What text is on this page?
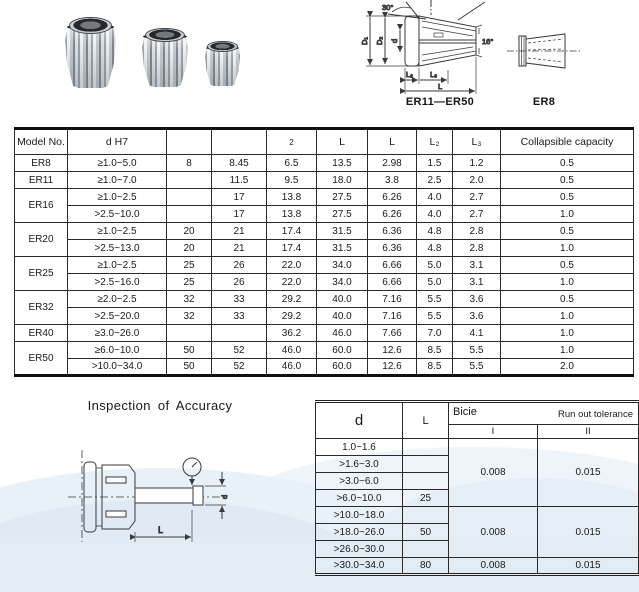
D₁ D₂ d	16°
30°
L₂ L₃
L
ER11—ER50	ER8
Model No.	d H7			2	L	L	L₂	L₃	Collapsible capacity
ER8	≥1.0~5.0	8	8.45	6.5	13.5	2.98	1.5	1.2	0.5
ER11	≥1.0~7.0		11.5	9.5	18.0	3.8	2.5	2.0	0.5
ER16	≥1.0~2.5		17	13.8	27.5	6.26	4.0	2.7	0.5
	>2.5~10.0		17	13.8	27.5	6.26	4.0	2.7	1.0
ER20	≥1.0~2.5	20	21	17.4	31.5	6.36	4.8	2.8	0.5
	>2.5~13.0	20	21	17.4	31.5	6.36	4.8	2.8	1.0
ER25	≥1.0~2.5	25	26	22.0	34.0	6.66	5.0	3.1	0.5
	>2.5~16.0	25	26	22.0	34.0	6.66	5.0	3.1	1.0
ER32	≥2.0~2.5	32	33	29.2	40.0	7.16	5.5	3.6	0.5
	>2.5~20.0	32	33	29.2	40.0	7.16	5.5	3.6	1.0
ER40	≥3.0~26.0			36.2	46.0	7.66	7.0	4.1	1.0
ER50	≥6.0~10.0	50	52	46.0	60.0	12.6	8.5	5.5	1.0
	>10.0~34.0	50	52	46.0	60.0	12.6	8.5	5.5	2.0
Inspection of Accuracy
d
L
d	L	Bicie Run out tolerance	

		I	II
1.0~1.6		0.008	0.015
>1.6~3.0			
>3.0~6.0			
>6.0~10.0	25		
>10.0~18.0		0.008	0.015
>18.0~26.0	50		
>26.0~30.0			
>30.0~34.0	80	0.008	0.015
